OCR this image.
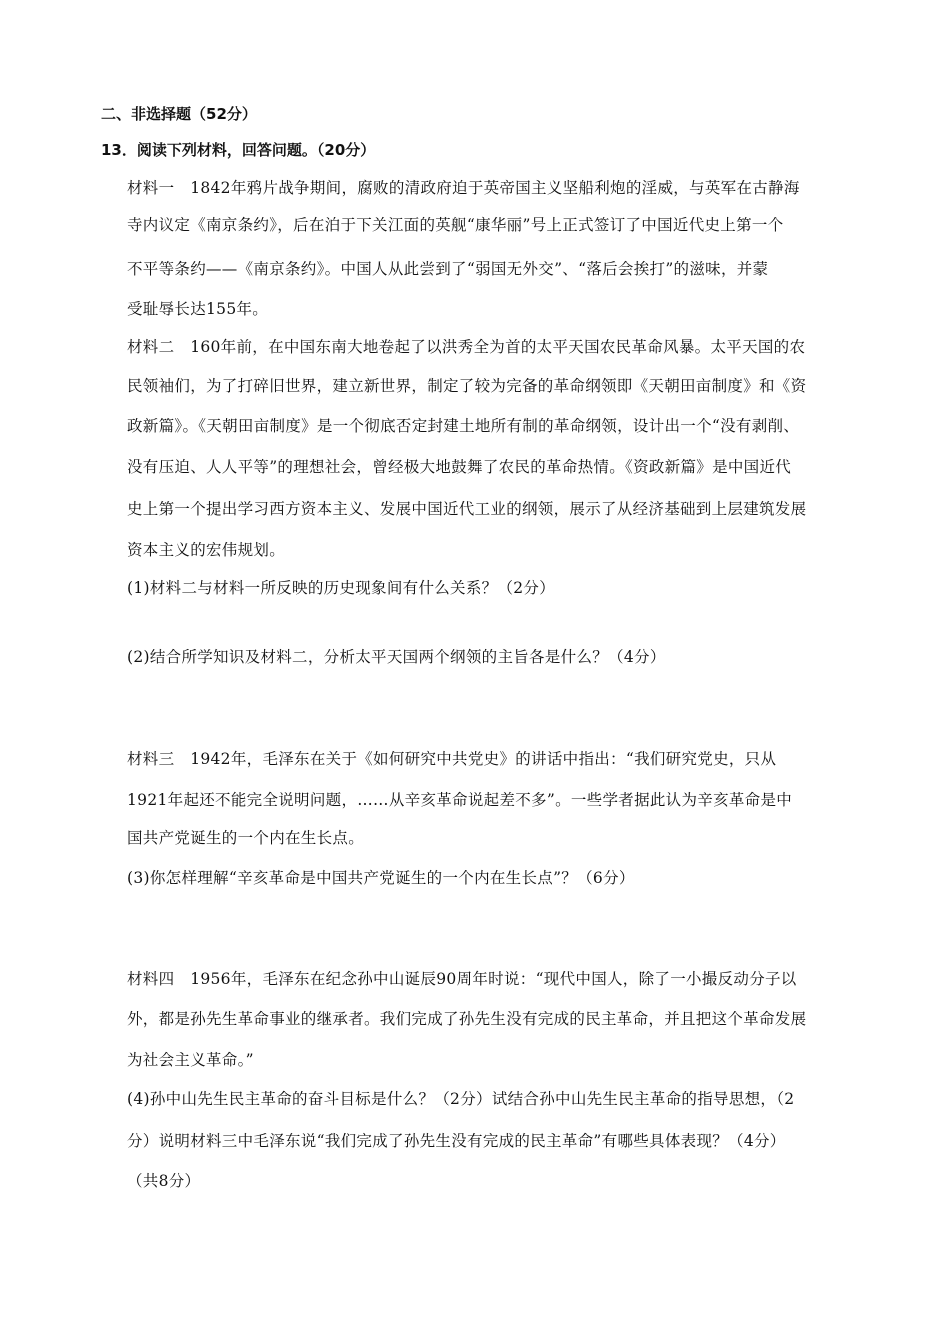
二、非选择题（52分）
13．阅读下列材料，回答问题。（20分）
材料一　1842年鸦片战争期间，腐败的清政府迫于英帝国主义坚船利炮的淫威，与英军在古静海
寺内议定《南京条约》，后在泊于下关江面的英舰“康华丽”号上正式签订了中国近代史上第一个
不平等条约——《南京条约》。中国人从此尝到了“弱国无外交”、“落后会挨打”的滋味，并蒙
受耻辱长达155年。
材料二　160年前，在中国东南大地卷起了以洪秀全为首的太平天国农民革命风暴。太平天国的农
民领袖们，为了打碎旧世界，建立新世界，制定了较为完备的革命纲领即《天朝田亩制度》和《资
政新篇》。《天朝田亩制度》是一个彻底否定封建土地所有制的革命纲领，设计出一个“没有剥削、
没有压迫、人人平等”的理想社会，曾经极大地鼓舞了农民的革命热情。《资政新篇》是中国近代
史上第一个提出学习西方资本主义、发展中国近代工业的纲领，展示了从经济基础到上层建筑发展
资本主义的宏伟规划。
(1)材料二与材料一所反映的历史现象间有什么关系？（2分）
(2)结合所学知识及材料二，分析太平天国两个纲领的主旨各是什么？（4分）
材料三　1942年，毛泽东在关于《如何研究中共党史》的讲话中指出：“我们研究党史，只从
1921年起还不能完全说明问题，……从辛亥革命说起差不多”。一些学者据此认为辛亥革命是中
国共产党诞生的一个内在生长点。
(3)你怎样理解“辛亥革命是中国共产党诞生的一个内在生长点”？（6分）
材料四　1956年，毛泽东在纪念孙中山诞辰90周年时说：“现代中国人，除了一小撮反动分子以
外，都是孙先生革命事业的继承者。我们完成了孙先生没有完成的民主革命，并且把这个革命发展
为社会主义革命。”
(4)孙中山先生民主革命的奋斗目标是什么？（2分）试结合孙中山先生民主革命的指导思想，（2
分）说明材料三中毛泽东说“我们完成了孙先生没有完成的民主革命”有哪些具体表现？（4分）
（共8分）
